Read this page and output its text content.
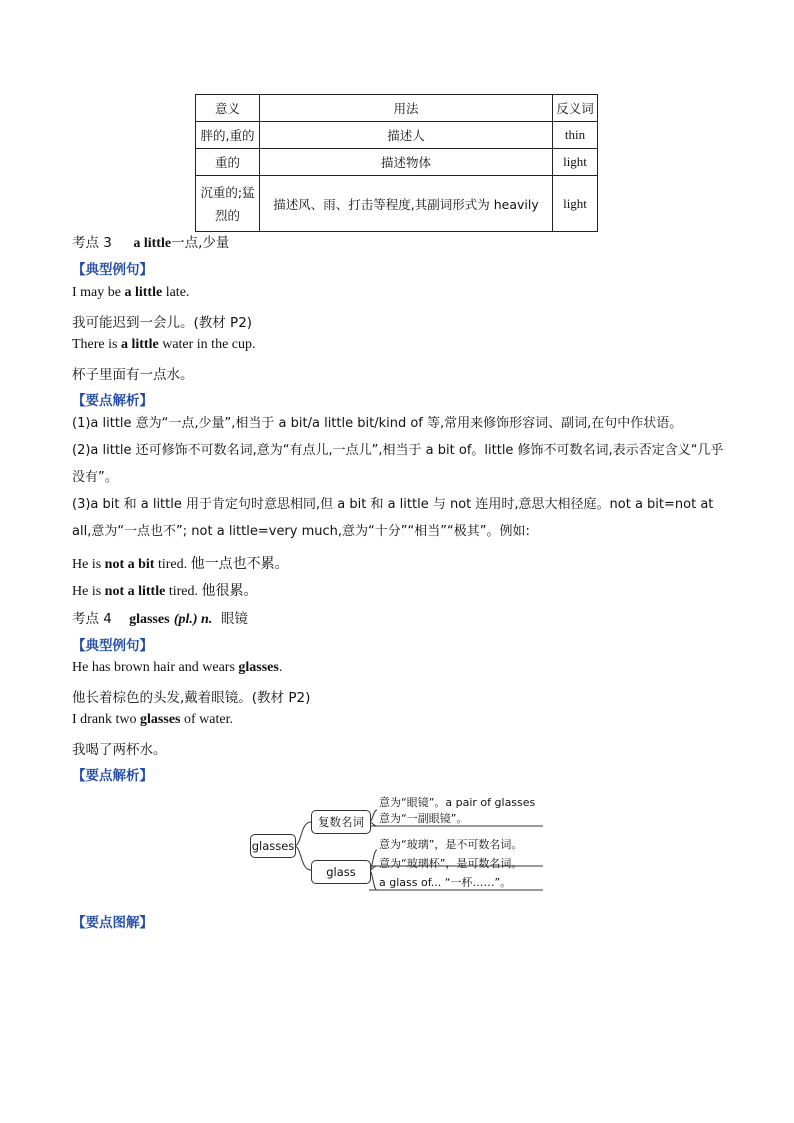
意义	用法	反义词
胖的,重的	描述人	thin
重的	描述物体	light
沉重的;猛烈的	描述风、雨、打击等程度,其副词形式为 heavily	light
考点 3 a little一点,少量
【典型例句】
I may be a little late.
我可能迟到一会儿。(教材 P2)
There is a little water in the cup.
杯子里面有一点水。
【要点解析】
(1)a little 意为“一点,少量”,相当于 a bit/a little bit/kind of 等,常用来修饰形容词、副词,在句中作状语。
(2)a little 还可修饰不可数名词,意为“有点儿,一点儿”,相当于 a bit of。little 修饰不可数名词,表示否定含义“几乎没有”。
(3)a bit 和 a little 用于肯定句时意思相同,但 a bit 和 a little 与 not 连用时,意思大相径庭。not a bit=not at all,意为“一点也不”; not a little=very much,意为“十分”“相当”“极其”。例如:
He is not a bit tired. 他一点也不累。
He is not a little tired. 他很累。
考点 4 glasses (pl.) n. 眼镜
【典型例句】
He has brown hair and wears glasses.
他长着棕色的头发,戴着眼镜。(教材 P2)
I drank two glasses of water.
我喝了两杯水。
【要点解析】
glasses
复数名词
glass
意为“眼镜”。a pair of glasses
意为“一副眼镜”。
意为“玻璃”，是不可数名词。
意为“玻璃杯”，是可数名词。
a glass of... “一杯……”。
【要点图解】
